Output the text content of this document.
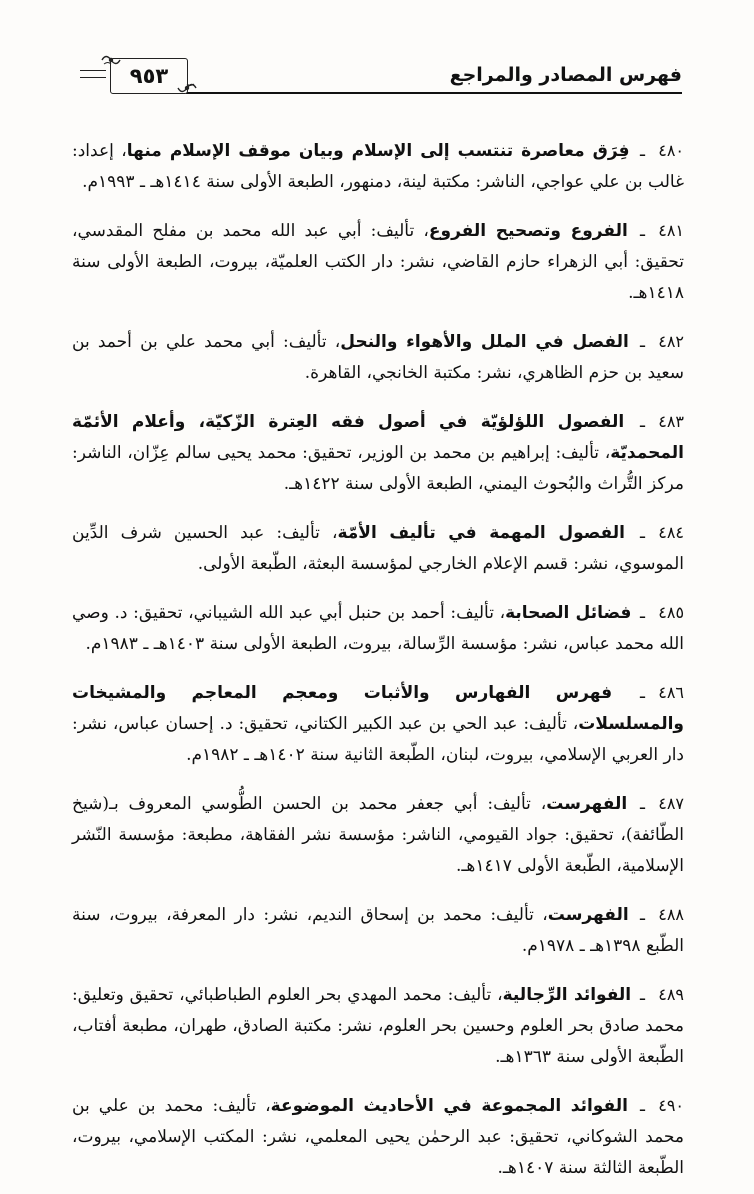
فهرس المصادر والمراجع
٩٥٣

٤٨٠ـ فِرَق معاصرة تنتسب إلى الإسلام وبيان موقف الإسلام منها، إعداد: غالب بن علي عواجي، الناشر: مكتبة لينة، دمنهور، الطبعة الأولى سنة ١٤١٤هـ ـ ١٩٩٣م.

٤٨١ـ الفروع وتصحيح الفروع، تأليف: أبي عبد الله محمد بن مفلح المقدسي، تحقيق: أبي الزهراء حازم القاضي، نشر: دار الكتب العلميّة، بيروت، الطبعة الأولى سنة ١٤١٨هـ.

٤٨٢ـ الفصل في الملل والأهواء والنحل، تأليف: أبي محمد علي بن أحمد بن سعيد بن حزم الظاهري، نشر: مكتبة الخانجي، القاهرة.

٤٨٣ـ الفصول اللؤلؤيّة في أصول فقه العِترة الزّكيّة، وأعلام الأئمّة المحمديّة، تأليف: إبراهيم بن محمد بن الوزير، تحقيق: محمد يحيى سالم عِزّان، الناشر: مركز التُّراث والبُحوث اليمني، الطبعة الأولى سنة ١٤٢٢هـ.

٤٨٤ـ الفصول المهمة في تأليف الأمّة، تأليف: عبد الحسين شرف الدِّين الموسوي، نشر: قسم الإعلام الخارجي لمؤسسة البعثة، الطّبعة الأولى.

٤٨٥ـ فضائل الصحابة، تأليف: أحمد بن حنبل أبي عبد الله الشيباني، تحقيق: د. وصي الله محمد عباس، نشر: مؤسسة الرِّسالة، بيروت، الطبعة الأولى سنة ١٤٠٣هـ ـ ١٩٨٣م.

٤٨٦ـ فهرس الفهارس والأثبات ومعجم المعاجم والمشيخات والمسلسلات، تأليف: عبد الحي بن عبد الكبير الكتاني، تحقيق: د. إحسان عباس، نشر: دار العربي الإسلامي، بيروت، لبنان، الطّبعة الثانية سنة ١٤٠٢هـ ـ ١٩٨٢م.

٤٨٧ـ الفهرست، تأليف: أبي جعفر محمد بن الحسن الطُّوسي المعروف بـ(شيخ الطّائفة)، تحقيق: جواد القيومي، الناشر: مؤسسة نشر الفقاهة، مطبعة: مؤسسة النّشر الإسلامية، الطّبعة الأولى ١٤١٧هـ.

٤٨٨ـ الفهرست، تأليف: محمد بن إسحاق النديم، نشر: دار المعرفة، بيروت، سنة الطّبع ١٣٩٨هـ ـ ١٩٧٨م.

٤٨٩ـ الفوائد الرِّجالية، تأليف: محمد المهدي بحر العلوم الطباطبائي، تحقيق وتعليق: محمد صادق بحر العلوم وحسين بحر العلوم، نشر: مكتبة الصادق، طهران، مطبعة أفتاب، الطّبعة الأولى سنة ١٣٦٣هـ.

٤٩٠ـ الفوائد المجموعة في الأحاديث الموضوعة، تأليف: محمد بن علي بن محمد الشوكاني، تحقيق: عبد الرحمٰن يحيى المعلمي، نشر: المكتب الإسلامي، بيروت، الطّبعة الثالثة سنة ١٤٠٧هـ.
